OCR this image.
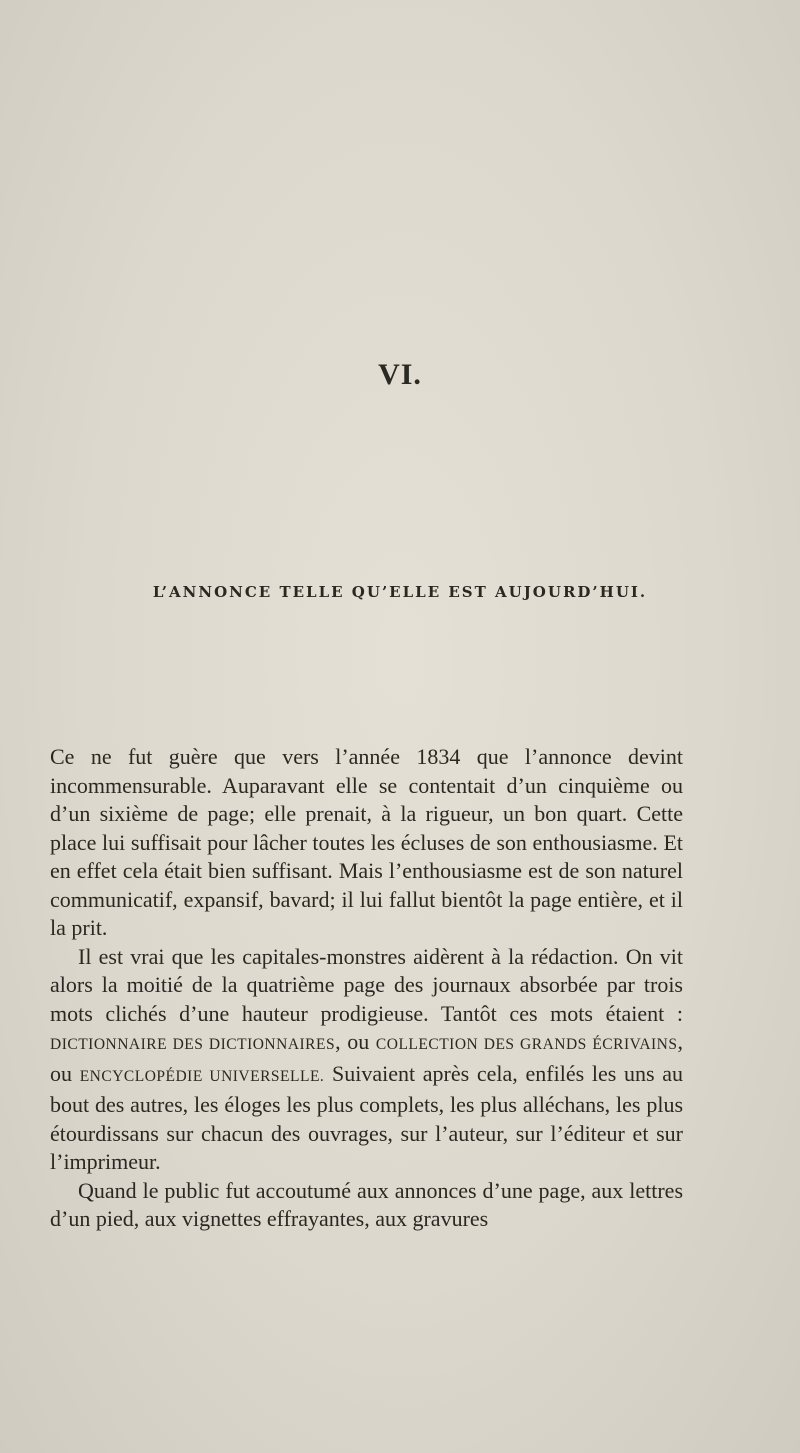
VI.
L’ANNONCE TELLE QU’ELLE EST AUJOURD’HUI.

Ce ne fut guère que vers l’année 1834 que l’annonce devint incommensurable. Auparavant elle se contentait d’un cinquième ou d’un sixième de page; elle prenait, à la rigueur, un bon quart. Cette place lui suffisait pour lâcher toutes les écluses de son enthousiasme. Et en effet cela était bien suffisant. Mais l’enthousiasme est de son naturel communicatif, expansif, bavard; il lui fallut bientôt la page entière, et il la prit.

Il est vrai que les capitales-monstres aidèrent à la rédaction. On vit alors la moitié de la quatrième page des journaux absorbée par trois mots clichés d’une hauteur prodigieuse. Tantôt ces mots étaient : DICTIONNAIRE DES DICTIONNAIRES, ou COLLECTION DES GRANDS ÉCRIVAINS, ou ENCYCLOPÉDIE UNIVERSELLE. Suivaient après cela, enfilés les uns au bout des autres, les éloges les plus complets, les plus alléchans, les plus étourdissans sur chacun des ouvrages, sur l’auteur, sur l’éditeur et sur l’imprimeur.

Quand le public fut accoutumé aux annonces d’une page, aux lettres d’un pied, aux vignettes effrayantes, aux gravures
